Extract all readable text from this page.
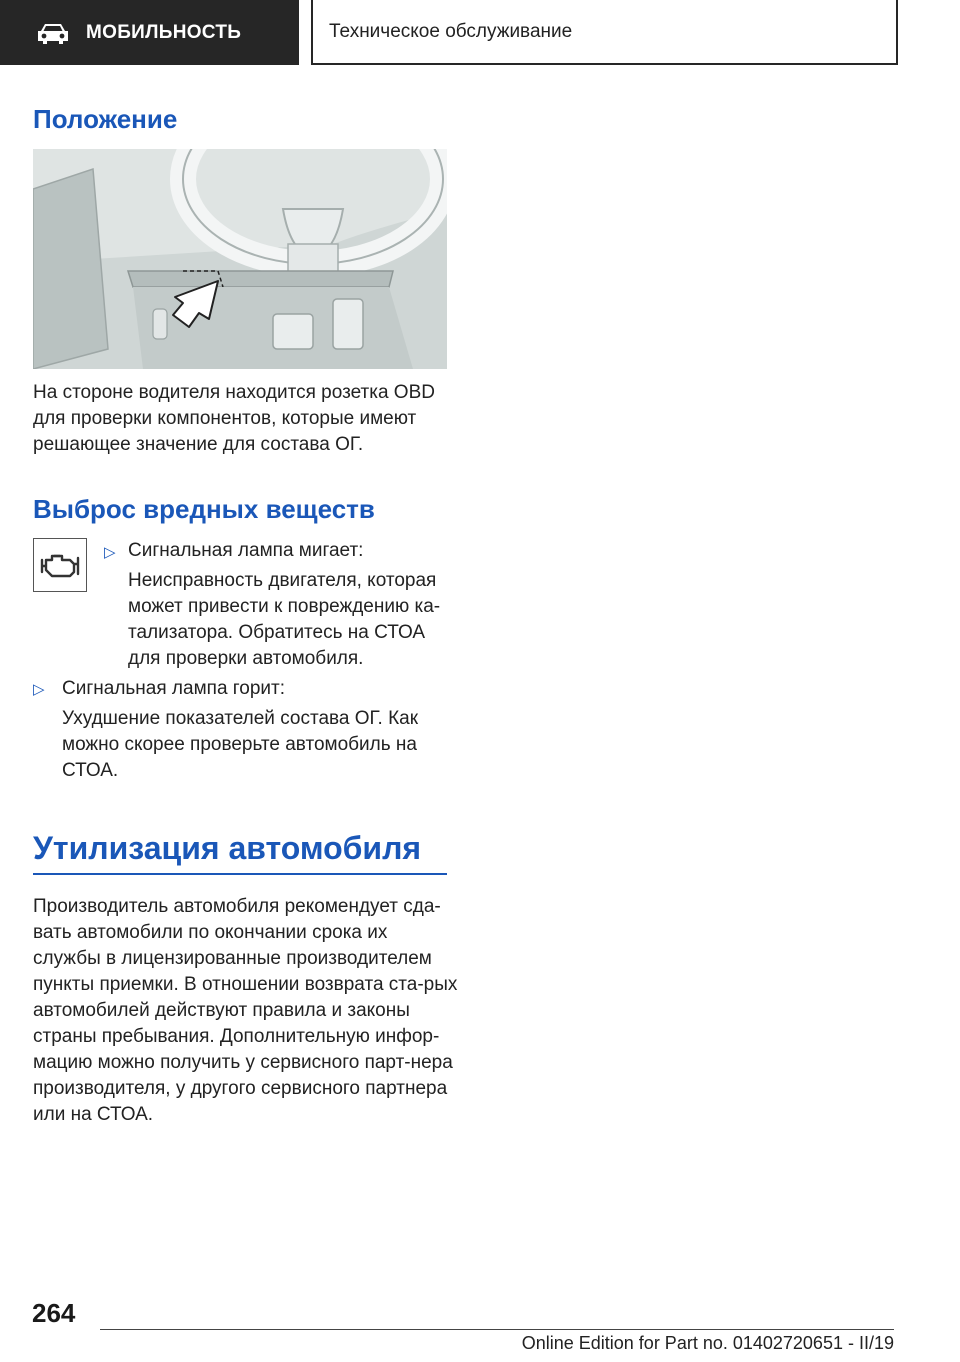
МОБИЛЬНОСТЬ	Техническое обслуживание
Положение

На стороне водителя находится розетка OBD для проверки компонентов, которые имеют решающее значение для состава ОГ.

Выброс вредных веществ
▷ Сигнальная лампа мигает:

Неисправность двигателя, которая может привести к повреждению ка-тализатора. Обратитесь на СТОА для проверки автомобиля.

▷ Сигнальная лампа горит:

Ухудшение показателей состава ОГ. Как можно скорее проверьте автомобиль на СТОА.

Утилизация автомобиля

Производитель автомобиля рекомендует сда-вать автомобили по окончании срока их службы в лицензированные производителем пункты приемки. В отношении возврата ста-рых автомобилей действуют правила и законы страны пребывания. Дополнительную инфор-мацию можно получить у сервисного парт-нера производителя, у другого сервисного партнера или на СТОА.

264
Online Edition for Part no. 01402720651 - II/19
